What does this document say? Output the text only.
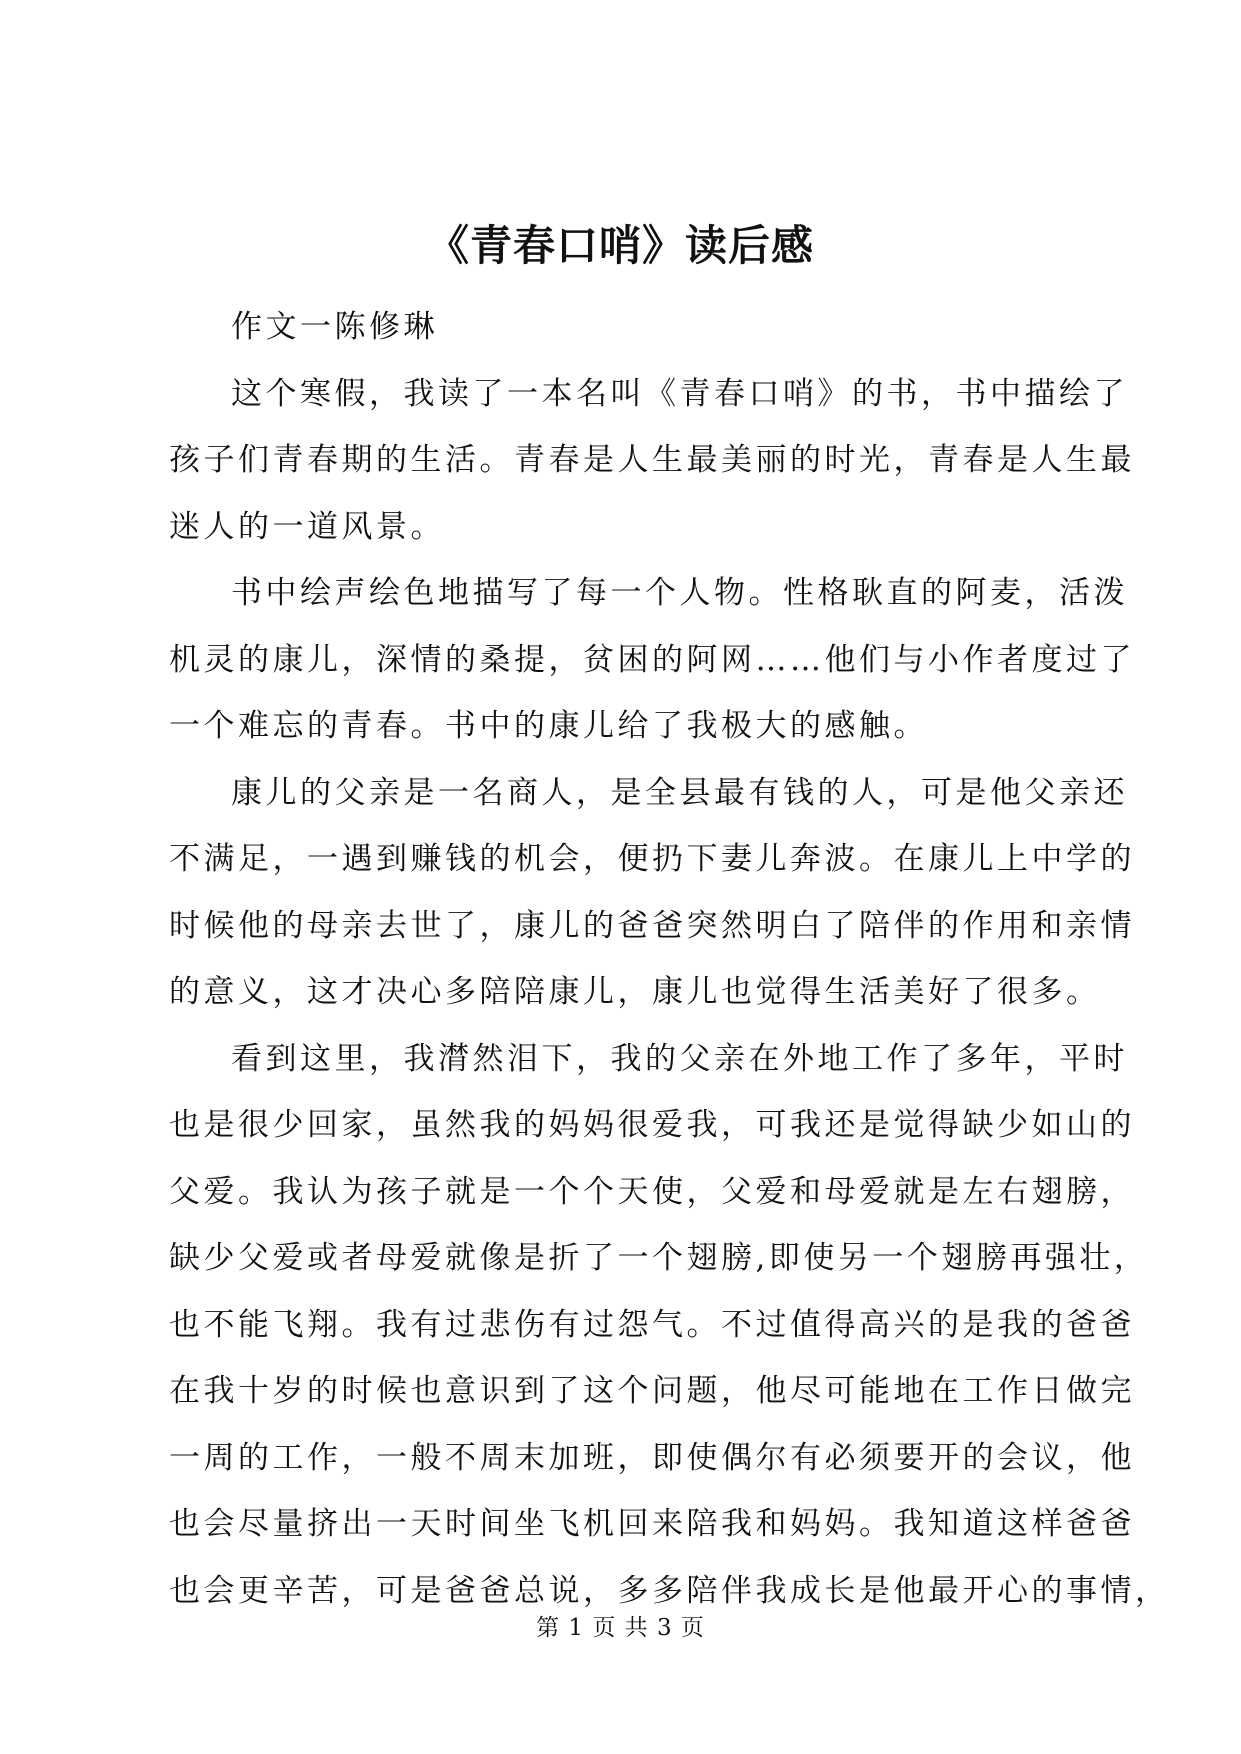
《青春口哨》读后感
作文一陈修琳
这个寒假，我读了一本名叫《青春口哨》的书，书中描绘了
孩子们青春期的生活。青春是人生最美丽的时光，青春是人生最
迷人的一道风景。
书中绘声绘色地描写了每一个人物。性格耿直的阿麦，活泼
机灵的康儿，深情的桑提，贫困的阿网……他们与小作者度过了
一个难忘的青春。书中的康儿给了我极大的感触。
康儿的父亲是一名商人，是全县最有钱的人，可是他父亲还
不满足，一遇到赚钱的机会，便扔下妻儿奔波。在康儿上中学的
时候他的母亲去世了，康儿的爸爸突然明白了陪伴的作用和亲情
的意义，这才决心多陪陪康儿，康儿也觉得生活美好了很多。
看到这里，我潸然泪下，我的父亲在外地工作了多年，平时
也是很少回家，虽然我的妈妈很爱我，可我还是觉得缺少如山的
父爱。我认为孩子就是一个个天使，父爱和母爱就是左右翅膀，
缺少父爱或者母爱就像是折了一个翅膀,即使另一个翅膀再强壮，
也不能飞翔。我有过悲伤有过怨气。不过值得高兴的是我的爸爸
在我十岁的时候也意识到了这个问题，他尽可能地在工作日做完
一周的工作，一般不周末加班，即使偶尔有必须要开的会议，他
也会尽量挤出一天时间坐飞机回来陪我和妈妈。我知道这样爸爸
也会更辛苦，可是爸爸总说，多多陪伴我成长是他最开心的事情，
第 1 页 共 3 页
